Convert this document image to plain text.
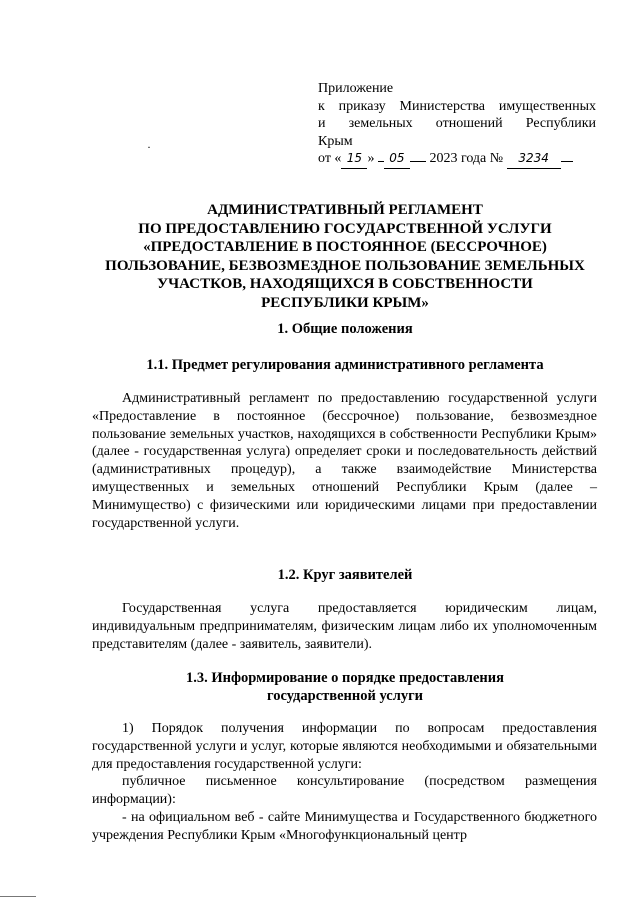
Приложение
к приказу Министерства имущественных
и земельных отношений Республики
Крым
от « 15 » 05 2023 года № 3234
·
АДМИНИСТРАТИВНЫЙ РЕГЛАМЕНТ
ПО ПРЕДОСТАВЛЕНИЮ ГОСУДАРСТВЕННОЙ УСЛУГИ
«ПРЕДОСТАВЛЕНИЕ В ПОСТОЯННОЕ (БЕССРОЧНОЕ)
ПОЛЬЗОВАНИЕ, БЕЗВОЗМЕЗДНОЕ ПОЛЬЗОВАНИЕ ЗЕМЕЛЬНЫХ
УЧАСТКОВ, НАХОДЯЩИХСЯ В СОБСТВЕННОСТИ
РЕСПУБЛИКИ КРЫМ»
1. Общие положения
1.1. Предмет регулирования административного регламента

Административный регламент по предоставлению государственной услуги «Предоставление в постоянное (бессрочное) пользование, безвозмездное пользование земельных участков, находящихся в собственности Республики Крым» (далее - государственная услуга) определяет сроки и последовательность действий (административных процедур), а также взаимодействие Министерства имущественных и земельных отношений Республики Крым (далее – Минимущество) с физическими или юридическими лицами при предоставлении государственной услуги.

1.2. Круг заявителей

Государственная услуга предоставляется юридическим лицам, индивидуальным предпринимателям, физическим лицам либо их уполномоченным представителям (далее - заявитель, заявители).

1.3. Информирование о порядке предоставления
государственной услуги

1) Порядок получения информации по вопросам предоставления государственной услуги и услуг, которые являются необходимыми и обязательными для предоставления государственной услуги:

публичное письменное консультирование (посредством размещения информации):

- на официальном веб - сайте Минимущества и Государственного бюджетного учреждения Республики Крым «Многофункциональный центр
